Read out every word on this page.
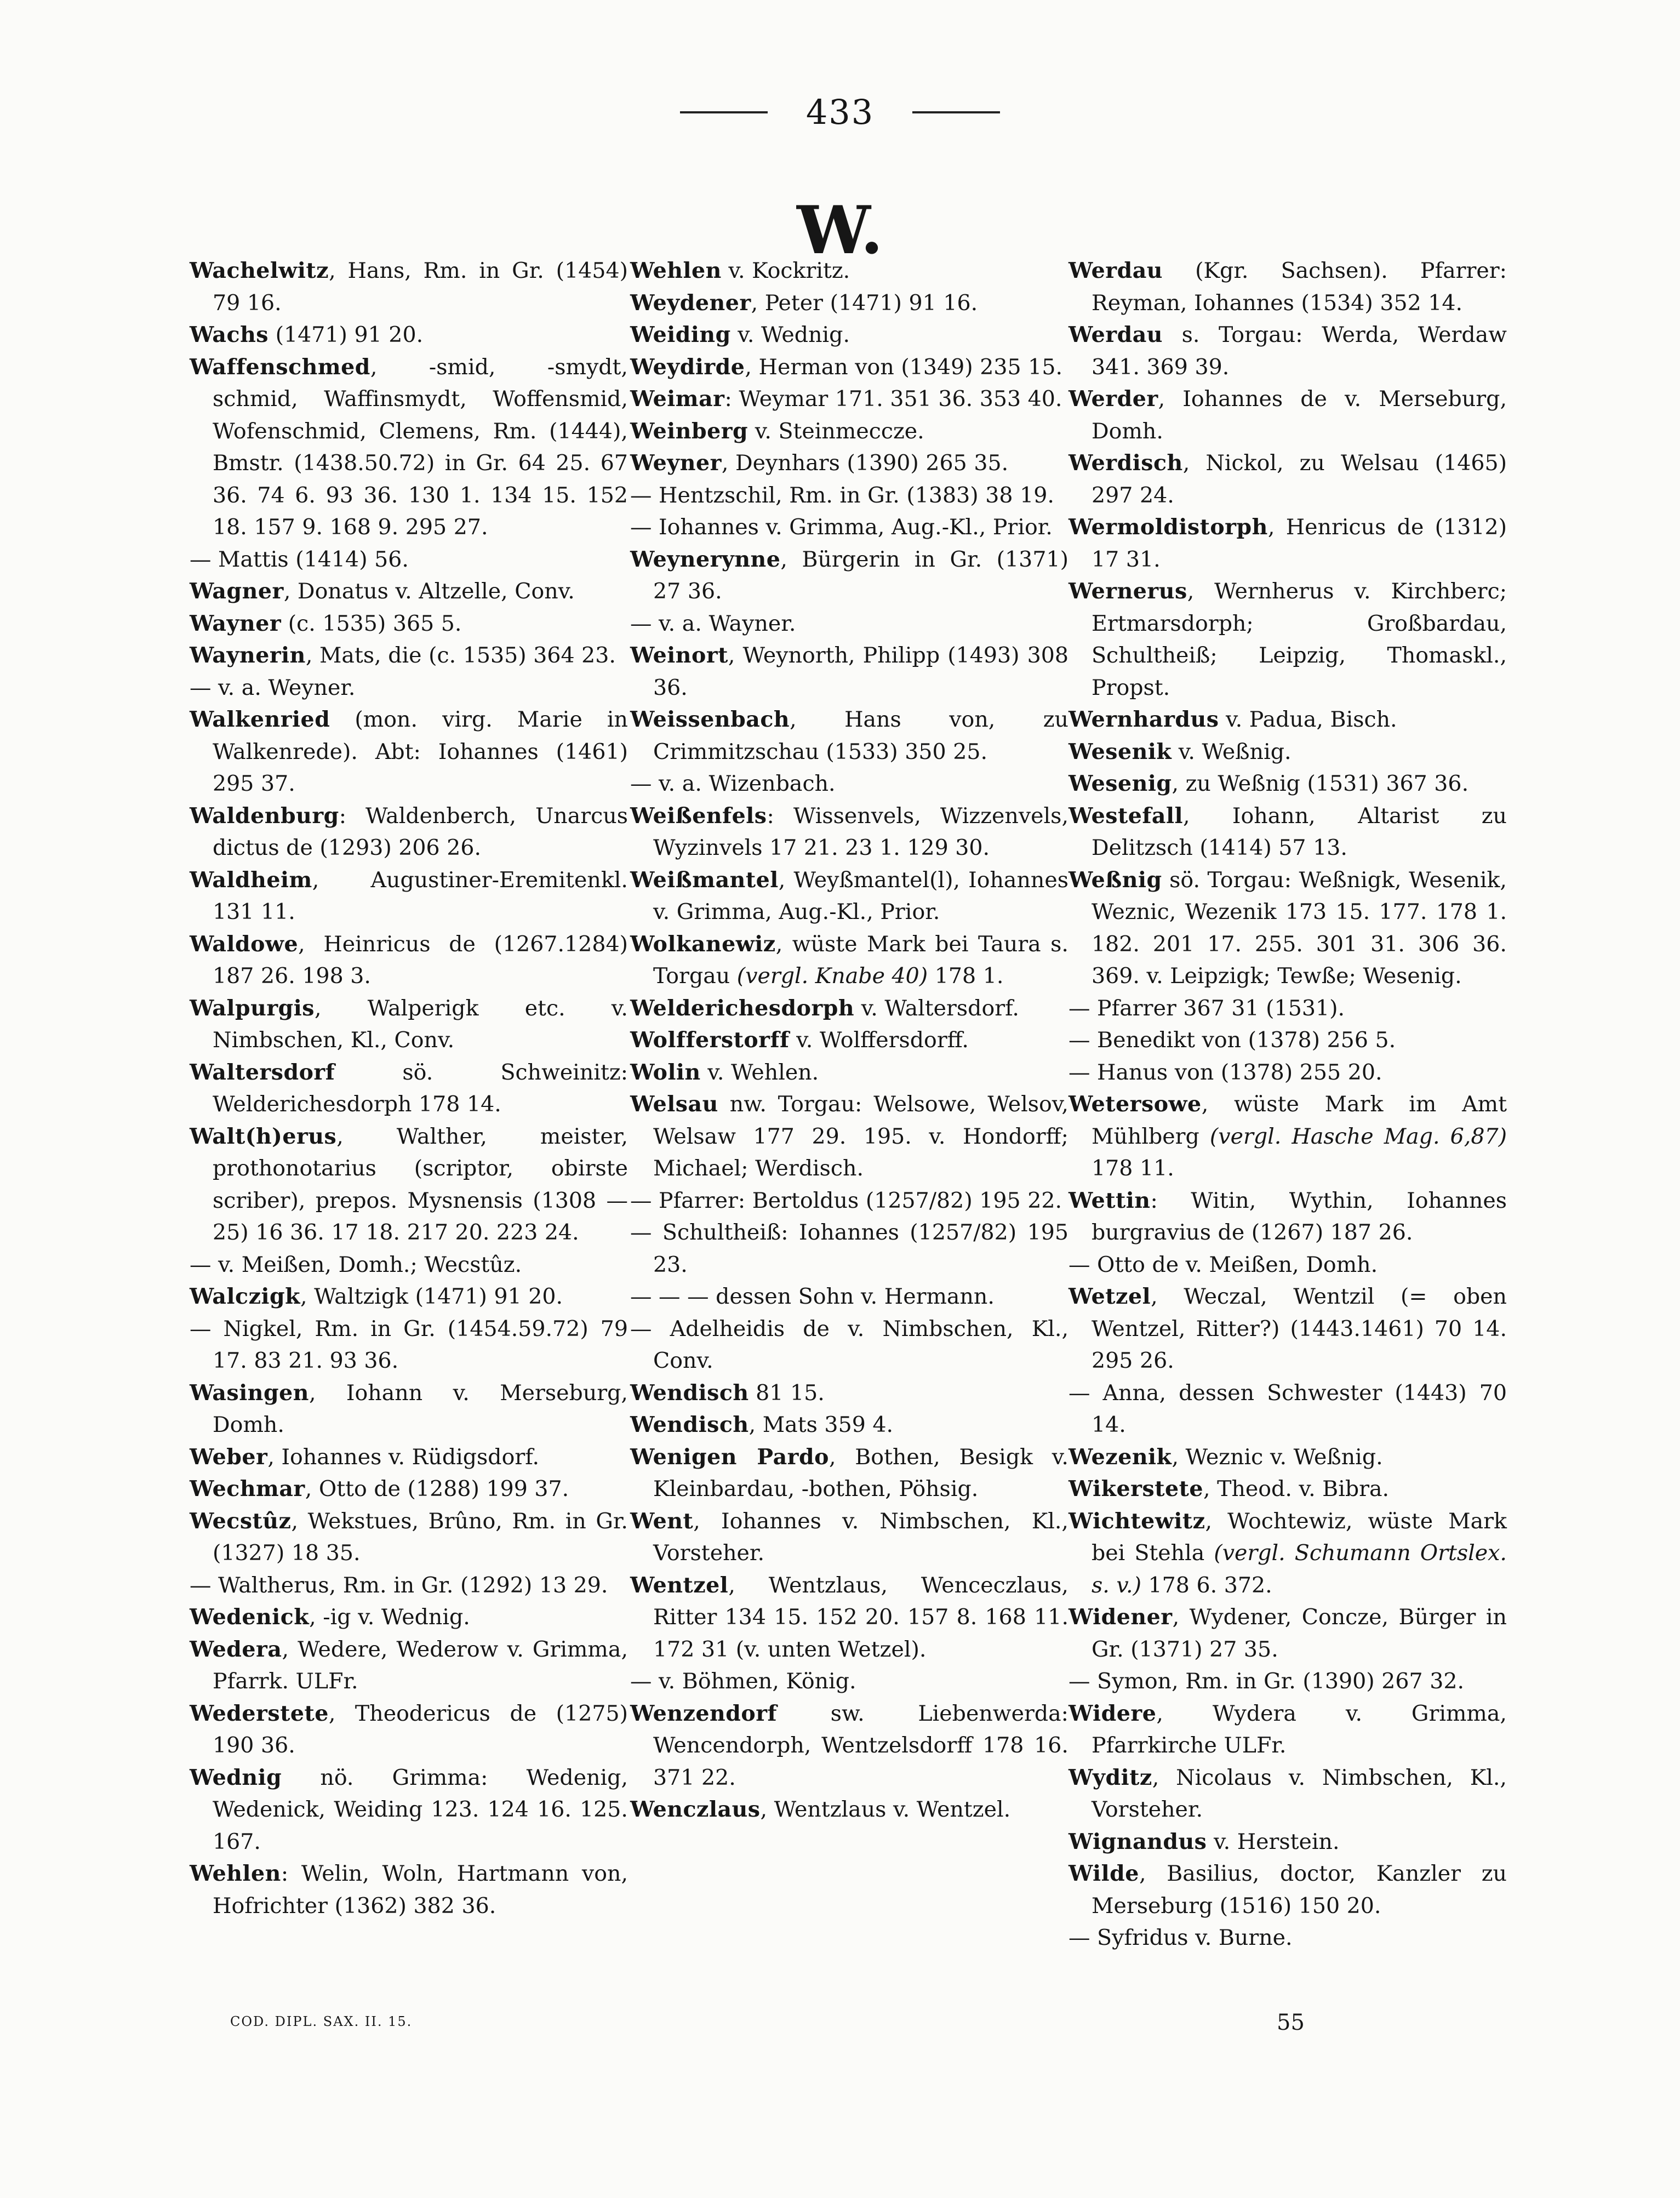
433
W.
Wachelwitz, Hans, Rm. in Gr. (1454) 79 16.
Wachs (1471) 91 20.
Waffenschmed, -smid, -smydt, schmid, Waffinsmydt, Woffensmid, Wofenschmid, Clemens, Rm. (1444), Bmstr. (1438.50.72) in Gr. 64 25. 67 36. 74 6. 93 36. 130 1. 134 15. 152 18. 157 9. 168 9. 295 27.
— Mattis (1414) 56.
Wagner, Donatus v. Altzelle, Conv.
Wayner (c. 1535) 365 5.
Waynerin, Mats, die (c. 1535) 364 23.
— v. a. Weyner.
Walkenried (mon. virg. Marie in Walkenrede). Abt: Iohannes (1461) 295 37.
Waldenburg: Waldenberch, Unarcus dictus de (1293) 206 26.
Waldheim, Augustiner-Eremitenkl. 131 11.
Waldowe, Heinricus de (1267.1284) 187 26. 198 3.
Walpurgis, Walperigk etc. v. Nimbschen, Kl., Conv.
Waltersdorf sö. Schweinitz: Welderichesdorph 178 14.
Walt(h)erus, Walther, meister, prothonotarius (scriptor, obirste scriber), prepos. Mysnensis (1308 —25) 16 36. 17 18. 217 20. 223 24.
— v. Meißen, Domh.; Wecstûz.
Walczigk, Waltzigk (1471) 91 20.
— Nigkel, Rm. in Gr. (1454.59.72) 79 17. 83 21. 93 36.
Wasingen, Iohann v. Merseburg, Domh.
Weber, Iohannes v. Rüdigsdorf.
Wechmar, Otto de (1288) 199 37.
Wecstûz, Wekstues, Brûno, Rm. in Gr. (1327) 18 35.
— Waltherus, Rm. in Gr. (1292) 13 29.
Wedenick, -ig v. Wednig.
Wedera, Wedere, Wederow v. Grimma, Pfarrk. ULFr.
Wederstete, Theodericus de (1275) 190 36.
Wednig nö. Grimma: Wedenig, Wedenick, Weiding 123. 124 16. 125. 167.
Wehlen: Welin, Woln, Hartmann von, Hofrichter (1362) 382 36.
Wehlen v. Kockritz.
Weydener, Peter (1471) 91 16.
Weiding v. Wednig.
Weydirde, Herman von (1349) 235 15.
Weimar: Weymar 171. 351 36. 353 40.
Weinberg v. Steinmeccze.
Weyner, Deynhars (1390) 265 35.
— Hentzschil, Rm. in Gr. (1383) 38 19.
— Iohannes v. Grimma, Aug.-Kl., Prior.
Weynerynne, Bürgerin in Gr. (1371) 27 36.
— v. a. Wayner.
Weinort, Weynorth, Philipp (1493) 308 36.
Weissenbach, Hans von, zu Crimmitzschau (1533) 350 25.
— v. a. Wizenbach.
Weißenfels: Wissenvels, Wizzenvels, Wyzinvels 17 21. 23 1. 129 30.
Weißmantel, Weyßmantel(l), Iohannes v. Grimma, Aug.-Kl., Prior.
Wolkanewiz, wüste Mark bei Taura s. Torgau (vergl. Knabe 40) 178 1.
Welderichesdorph v. Waltersdorf.
Wolfferstorff v. Wolffersdorff.
Wolin v. Wehlen.
Welsau nw. Torgau: Welsowe, Welsov, Welsaw 177 29. 195. v. Hondorff; Michael; Werdisch.
— Pfarrer: Bertoldus (1257/82) 195 22.
— Schultheiß: Iohannes (1257/82) 195 23.
— — — dessen Sohn v. Hermann.
— Adelheidis de v. Nimbschen, Kl., Conv.
Wendisch 81 15.
Wendisch, Mats 359 4.
Wenigen Pardo, Bothen, Besigk v. Kleinbardau, -bothen, Pöhsig.
Went, Iohannes v. Nimbschen, Kl., Vorsteher.
Wentzel, Wentzlaus, Wenceczlaus, Ritter 134 15. 152 20. 157 8. 168 11. 172 31 (v. unten Wetzel).
— v. Böhmen, König.
Wenzendorf sw. Liebenwerda: Wencendorph, Wentzelsdorff 178 16. 371 22.
Wenczlaus, Wentzlaus v. Wentzel.
Werdau (Kgr. Sachsen). Pfarrer: Reyman, Iohannes (1534) 352 14.
Werdau s. Torgau: Werda, Werdaw 341. 369 39.
Werder, Iohannes de v. Merseburg, Domh.
Werdisch, Nickol, zu Welsau (1465) 297 24.
Wermoldistorph, Henricus de (1312) 17 31.
Wernerus, Wernherus v. Kirchberc; Ertmarsdorph; Großbardau, Schultheiß; Leipzig, Thomaskl., Propst.
Wernhardus v. Padua, Bisch.
Wesenik v. Weßnig.
Wesenig, zu Weßnig (1531) 367 36.
Westefall, Iohann, Altarist zu Delitzsch (1414) 57 13.
Weßnig sö. Torgau: Weßnigk, Wesenik, Weznic, Wezenik 173 15. 177. 178 1. 182. 201 17. 255. 301 31. 306 36. 369. v. Leipzigk; Tewße; Wesenig.
— Pfarrer 367 31 (1531).
— Benedikt von (1378) 256 5.
— Hanus von (1378) 255 20.
Wetersowe, wüste Mark im Amt Mühlberg (vergl. Hasche Mag. 6,87) 178 11.
Wettin: Witin, Wythin, Iohannes burgravius de (1267) 187 26.
— Otto de v. Meißen, Domh.
Wetzel, Weczal, Wentzil (= oben Wentzel, Ritter?) (1443.1461) 70 14. 295 26.
— Anna, dessen Schwester (1443) 70 14.
Wezenik, Weznic v. Weßnig.
Wikerstete, Theod. v. Bibra.
Wichtewitz, Wochtewiz, wüste Mark bei Stehla (vergl. Schumann Ortslex. s. v.) 178 6. 372.
Widener, Wydener, Concze, Bürger in Gr. (1371) 27 35.
— Symon, Rm. in Gr. (1390) 267 32.
Widere, Wydera v. Grimma, Pfarrkirche ULFr.
Wyditz, Nicolaus v. Nimbschen, Kl., Vorsteher.
Wignandus v. Herstein.
Wilde, Basilius, doctor, Kanzler zu Merseburg (1516) 150 20.
— Syfridus v. Burne.
COD. DIPL. SAX. II. 15.	55
